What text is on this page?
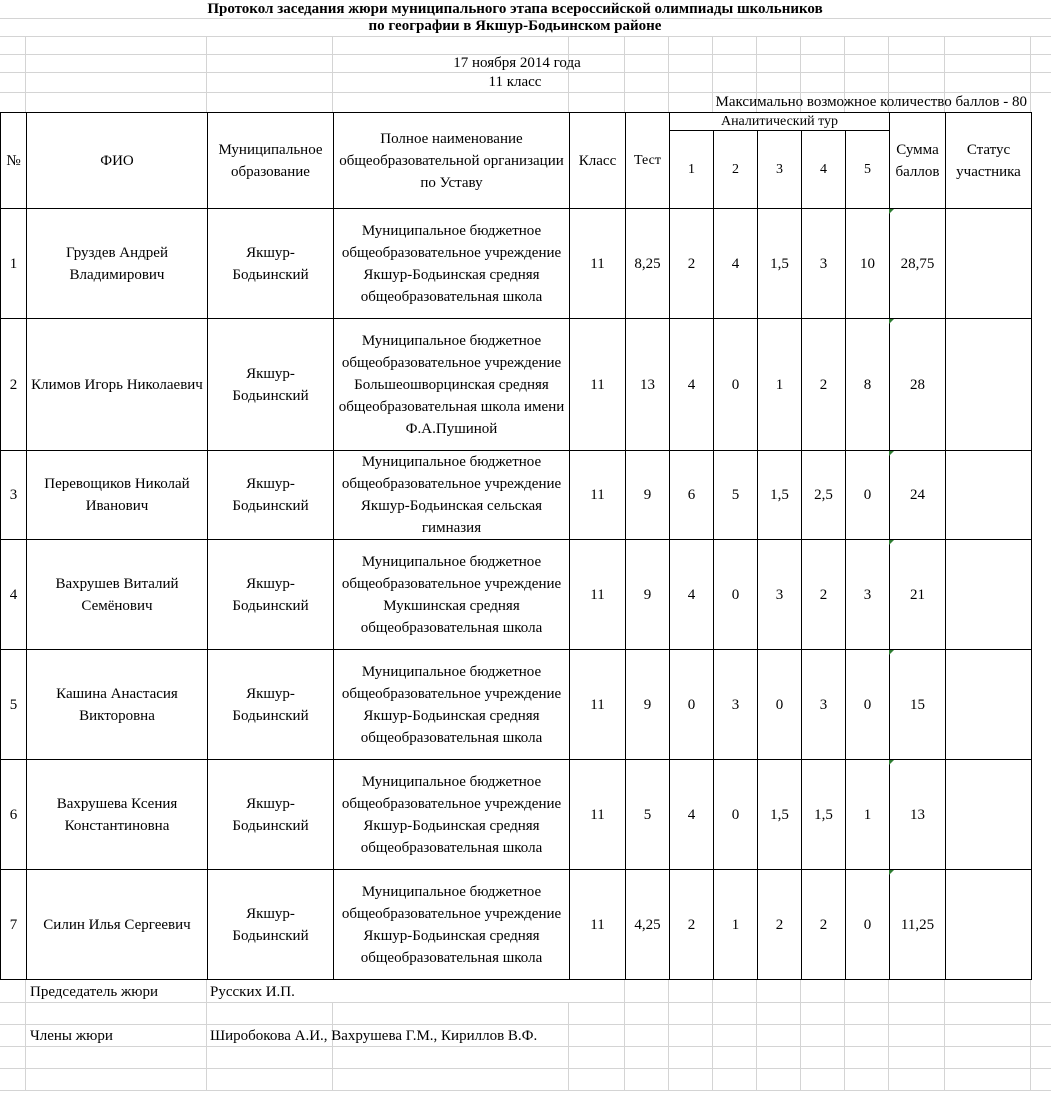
Протокол заседания жюри муниципального этапа всероссийской олимпиады школьников
по географии в Якшур-Бодьинском районе
17 ноября 2014 года
11 класс
Максимально возможное количество баллов - 80
№	ФИО	Муниципальное образование	Полное наименование общеобразовательной организации по Уставу	Класс	Тест	Аналитический тур					Сумма баллов	Статус участника
						1	2	3	4	5		
1	Груздев Андрей Владимирович	Якшур-Бодьинский	Муниципальное бюджетное общеобразовательное учреждение Якшур-Бодьинская средняя общеобразовательная школа	11	8,25	2	4	1,5	3	10	28,75	
2	Климов Игорь Николаевич	Якшур-Бодьинский	Муниципальное бюджетное общеобразовательное учреждение Большеошворцинская средняя общеобразовательная школа имени Ф.А.Пушиной	11	13	4	0	1	2	8	28	
3	Перевощиков Николай Иванович	Якшур-Бодьинский	Муниципальное бюджетное общеобразовательное учреждение Якшур-Бодьинская сельская гимназия	11	9	6	5	1,5	2,5	0	24	
4	Вахрушев Виталий Семёнович	Якшур-Бодьинский	Муниципальное бюджетное общеобразовательное учреждение Мукшинская средняя общеобразовательная школа	11	9	4	0	3	2	3	21	
5	Кашина Анастасия Викторовна	Якшур-Бодьинский	Муниципальное бюджетное общеобразовательное учреждение Якшур-Бодьинская средняя общеобразовательная школа	11	9	0	3	0	3	0	15	
6	Вахрушева Ксения Константиновна	Якшур-Бодьинский	Муниципальное бюджетное общеобразовательное учреждение Якшур-Бодьинская средняя общеобразовательная школа	11	5	4	0	1,5	1,5	1	13	
7	Силин Илья Сергеевич	Якшур-Бодьинский	Муниципальное бюджетное общеобразовательное учреждение Якшур-Бодьинская средняя общеобразовательная школа	11	4,25	2	1	2	2	0	11,25	
Председатель жюри	Русских И.П.
Члены жюри	Широбокова А.И., Вахрушева Г.М., Кириллов В.Ф.
